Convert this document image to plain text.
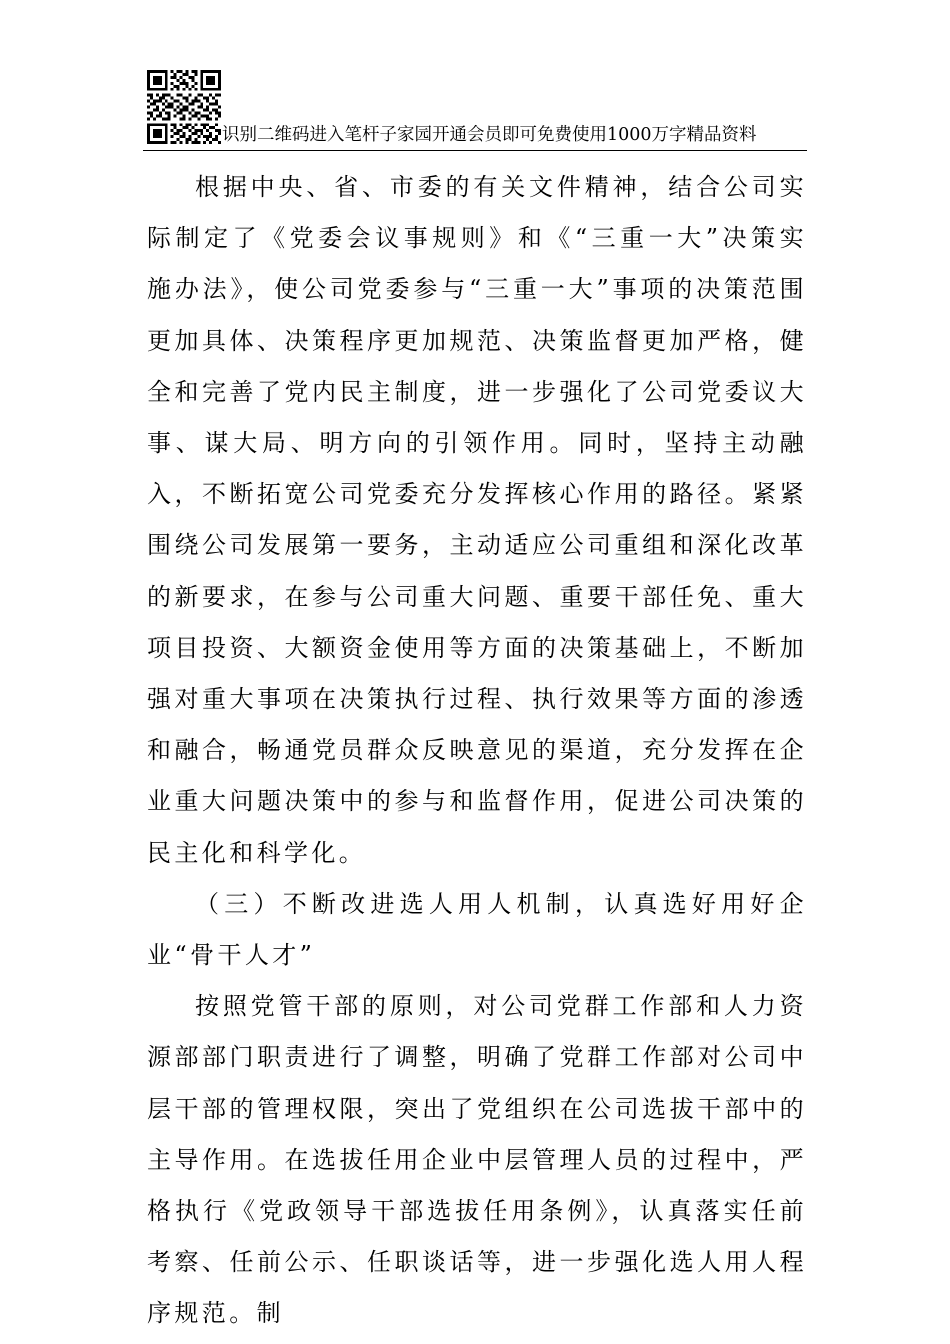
识别二维码进入笔杆子家园开通会员即可免费使用1000万字精品资料

根据中央、省、市委的有关文件精神，结合公司实际制定了《党委会议事规则》和《“三重一大”决策实施办法》，使公司党委参与“三重一大”事项的决策范围更加具体、决策程序更加规范、决策监督更加严格，健全和完善了党内民主制度，进一步强化了公司党委议大事、谋大局、明方向的引领作用。同时，坚持主动融入，不断拓宽公司党委充分发挥核心作用的路径。紧紧围绕公司发展第一要务，主动适应公司重组和深化改革的新要求，在参与公司重大问题、重要干部任免、重大项目投资、大额资金使用等方面的决策基础上，不断加强对重大事项在决策执行过程、执行效果等方面的渗透和融合，畅通党员群众反映意见的渠道，充分发挥在企业重大问题决策中的参与和监督作用，促进公司决策的民主化和科学化。

（三）不断改进选人用人机制，认真选好用好企业“骨干人才”

按照党管干部的原则，对公司党群工作部和人力资源部部门职责进行了调整，明确了党群工作部对公司中层干部的管理权限，突出了党组织在公司选拔干部中的主导作用。在选拔任用企业中层管理人员的过程中，严格执行《党政领导干部选拔任用条例》，认真落实任前考察、任前公示、任职谈话等，进一步强化选人用人程序规范。制
